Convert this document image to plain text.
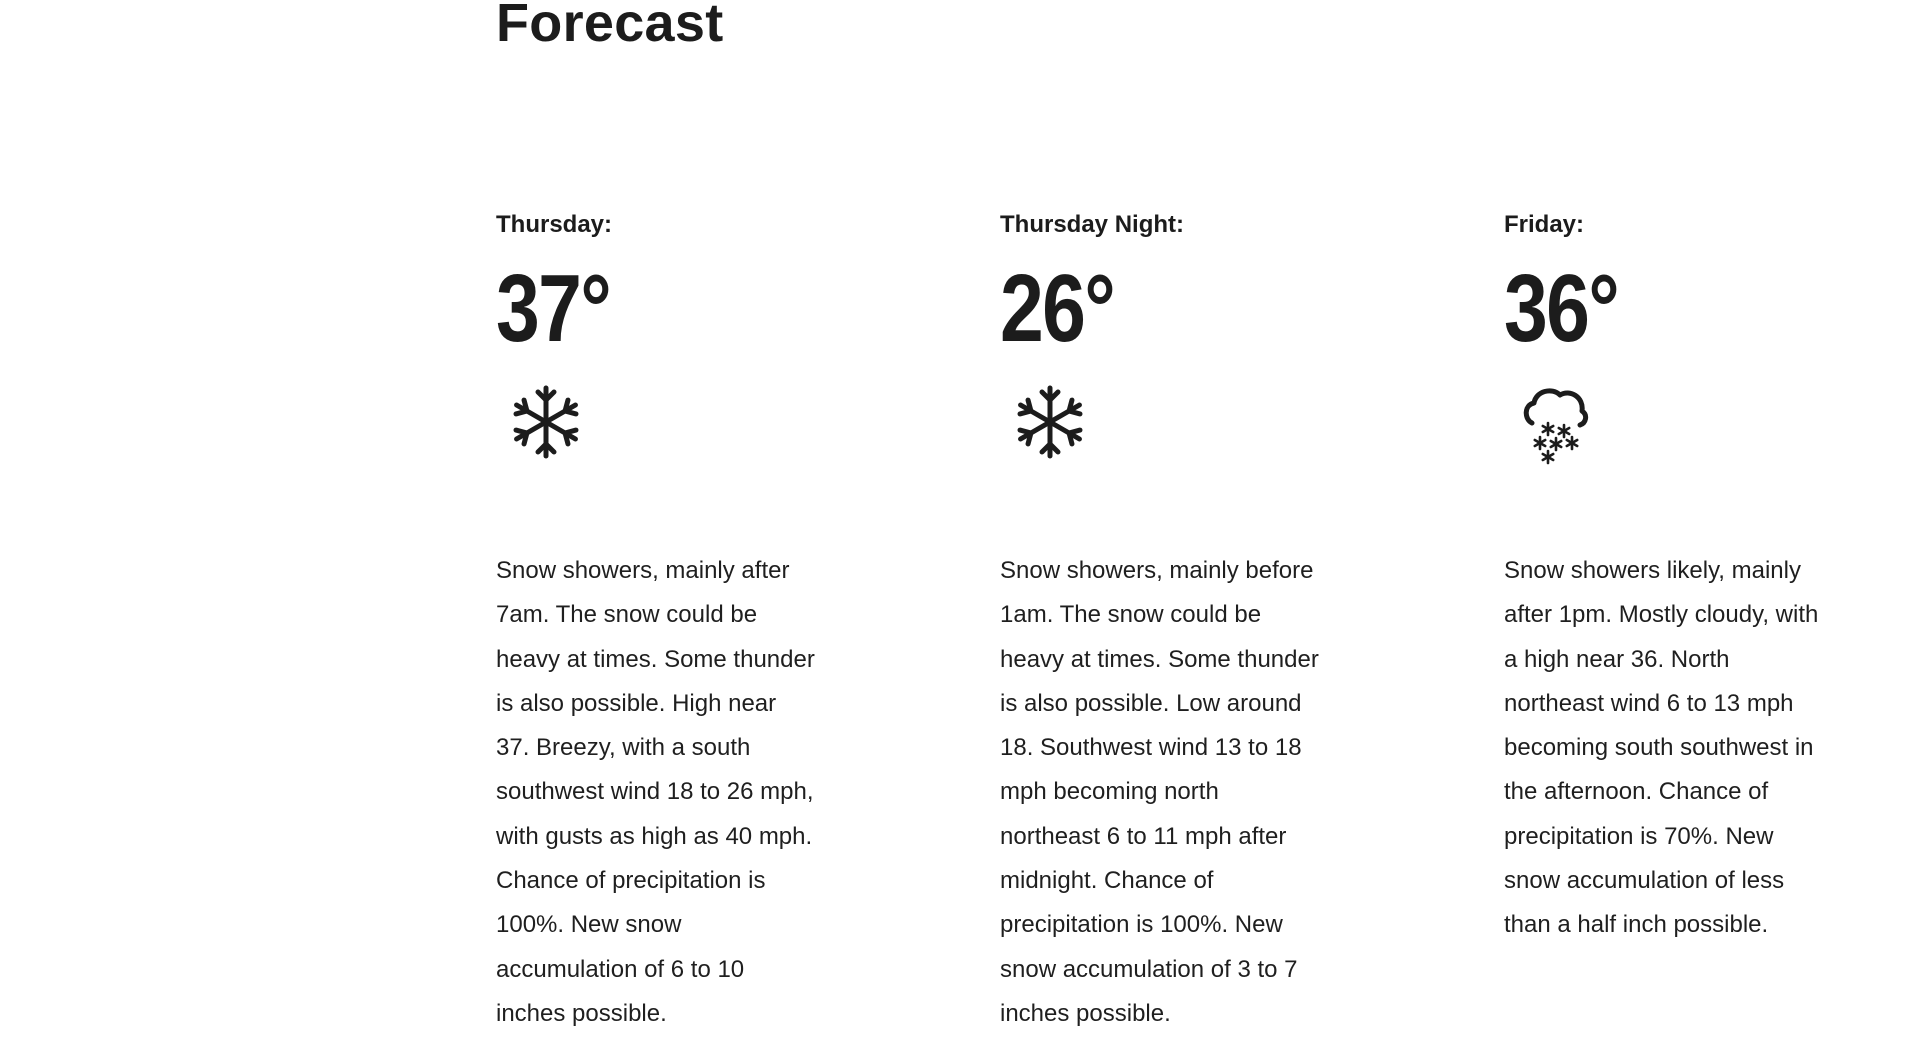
Forecast
Thursday:
37°
Snow showers, mainly after 7am. The snow could be heavy at times. Some thunder is also possible. High near 37. Breezy, with a south southwest wind 18 to 26 mph, with gusts as high as 40 mph. Chance of precipitation is 100%. New snow accumulation of 6 to 10 inches possible.
Thursday Night:
26°
Snow showers, mainly before 1am. The snow could be heavy at times. Some thunder is also possible. Low around 18. Southwest wind 13 to 18 mph becoming north northeast 6 to 11 mph after midnight. Chance of precipitation is 100%. New snow accumulation of 3 to 7 inches possible.
Friday:
36°
Snow showers likely, mainly after 1pm. Mostly cloudy, with a high near 36. North northeast wind 6 to 13 mph becoming south southwest in the afternoon. Chance of precipitation is 70%. New snow accumulation of less than a half inch possible.
